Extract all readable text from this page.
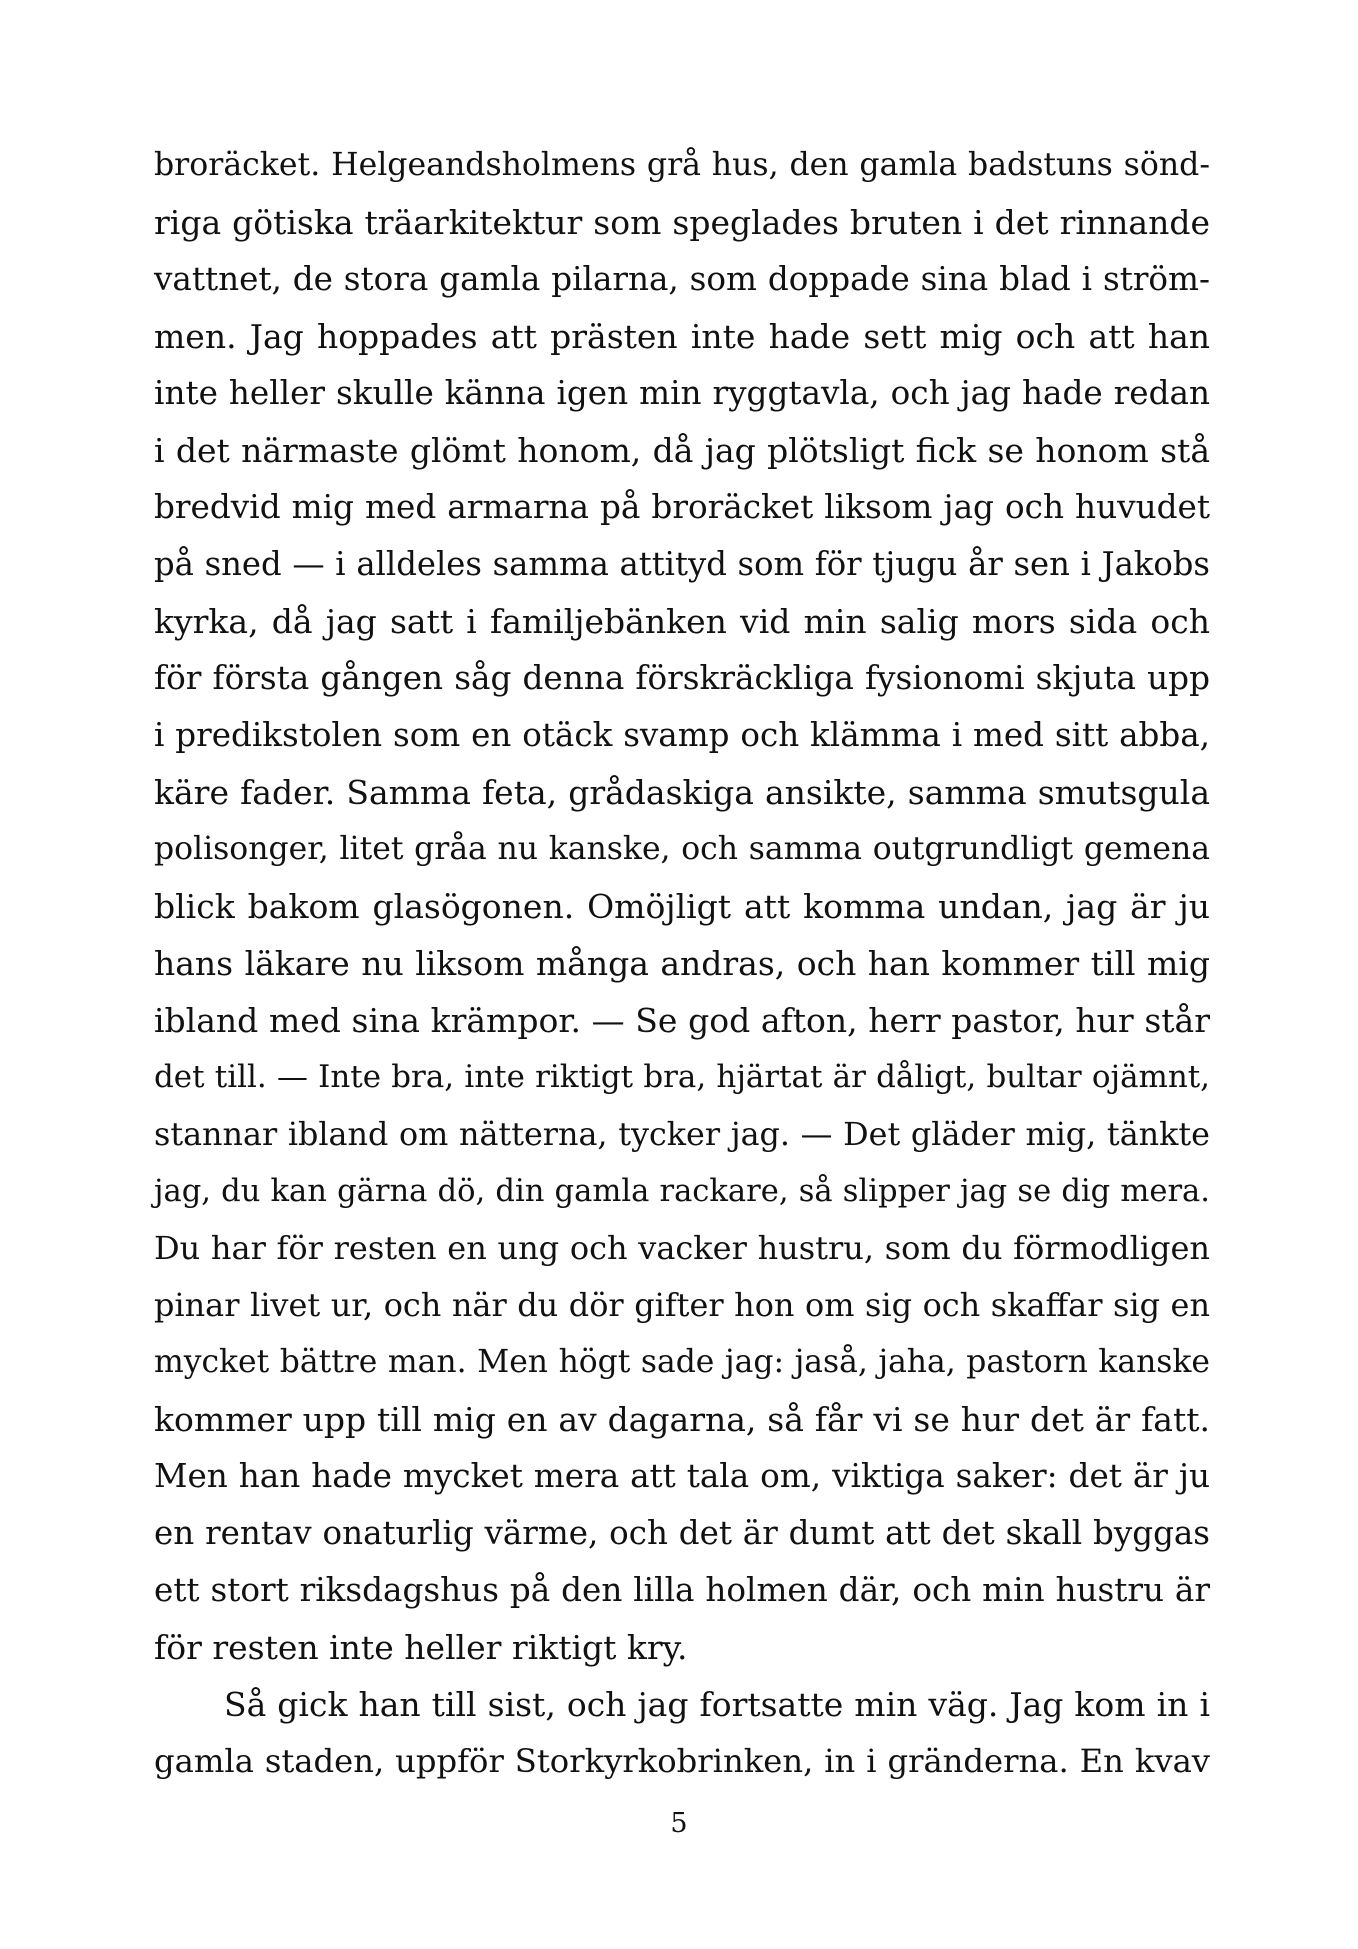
broräcket. Helgeandsholmens grå hus, den gamla badstuns sönd-
riga götiska träarkitektur som speglades bruten i det rinnande
vattnet, de stora gamla pilarna, som doppade sina blad i ström-
men. Jag hoppades att prästen inte hade sett mig och att han
inte heller skulle känna igen min ryggtavla, och jag hade redan
i det närmaste glömt honom, då jag plötsligt fick se honom stå
bredvid mig med armarna på broräcket liksom jag och huvudet
på sned — i alldeles samma attityd som för tjugu år sen i Jakobs
kyrka, då jag satt i familjebänken vid min salig mors sida och
för första gången såg denna förskräckliga fysionomi skjuta upp
i predikstolen som en otäck svamp och klämma i med sitt abba,
käre fader. Samma feta, grådaskiga ansikte, samma smutsgula
polisonger, litet gråa nu kanske, och samma outgrundligt gemena
blick bakom glasögonen. Omöjligt att komma undan, jag är ju
hans läkare nu liksom många andras, och han kommer till mig
ibland med sina krämpor. — Se god afton, herr pastor, hur står
det till. — Inte bra, inte riktigt bra, hjärtat är dåligt, bultar ojämnt,
stannar ibland om nätterna, tycker jag. — Det gläder mig, tänkte
jag, du kan gärna dö, din gamla rackare, så slipper jag se dig mera.
Du har för resten en ung och vacker hustru, som du förmodligen
pinar livet ur, och när du dör gifter hon om sig och skaffar sig en
mycket bättre man. Men högt sade jag: jaså, jaha, pastorn kanske
kommer upp till mig en av dagarna, så får vi se hur det är fatt.
Men han hade mycket mera att tala om, viktiga saker: det är ju
en rentav onaturlig värme, och det är dumt att det skall byggas
ett stort riksdagshus på den lilla holmen där, och min hustru är
för resten inte heller riktigt kry.
Så gick han till sist, och jag fortsatte min väg. Jag kom in i
gamla staden, uppför Storkyrkobrinken, in i gränderna. En kvav
5
